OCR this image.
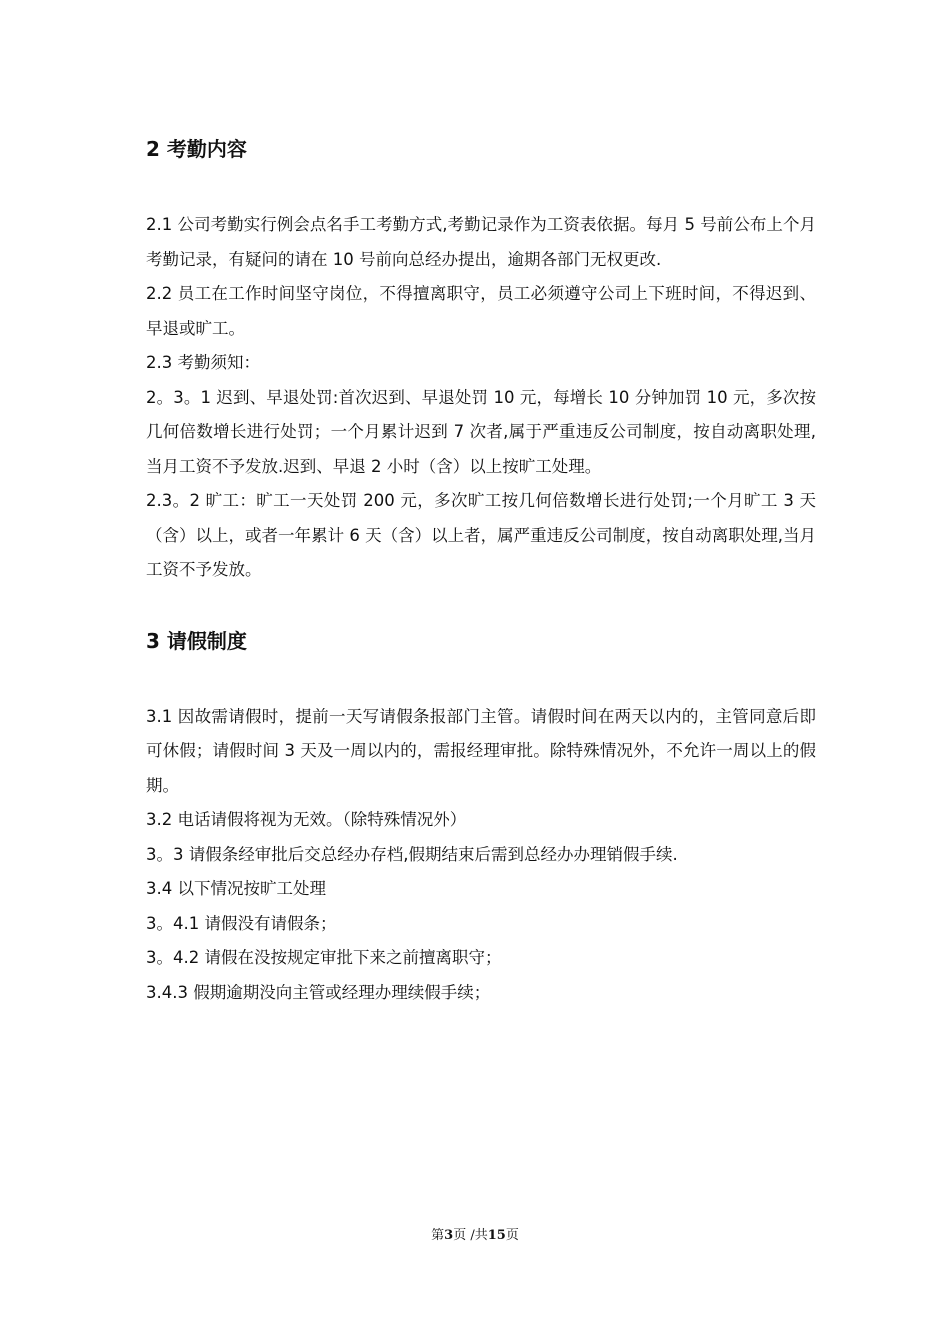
2 考勤内容

2.1 公司考勤实行例会点名手工考勤方式,考勤记录作为工资表依据。每月 5 号前公布上个月考勤记录，有疑问的请在 10 号前向总经办提出，逾期各部门无权更改.

2.2 员工在工作时间坚守岗位，不得擅离职守，员工必须遵守公司上下班时间，不得迟到、早退或旷工。

2.3 考勤须知：

2。3。1 迟到、早退处罚:首次迟到、早退处罚 10 元，每增长 10 分钟加罚 10 元，多次按几何倍数增长进行处罚；一个月累计迟到 7 次者,属于严重违反公司制度，按自动离职处理,当月工资不予发放.迟到、早退 2 小时（含）以上按旷工处理。

2.3。2 旷工：旷工一天处罚 200 元，多次旷工按几何倍数增长进行处罚;一个月旷工 3 天（含）以上，或者一年累计 6 天（含）以上者，属严重违反公司制度，按自动离职处理,当月工资不予发放。

3 请假制度

3.1 因故需请假时，提前一天写请假条报部门主管。请假时间在两天以内的，主管同意后即可休假；请假时间 3 天及一周以内的，需报经理审批。除特殊情况外，不允许一周以上的假期。

3.2 电话请假将视为无效。（除特殊情况外）

3。3 请假条经审批后交总经办存档,假期结束后需到总经办办理销假手续.

3.4 以下情况按旷工处理

3。4.1 请假没有请假条；

3。4.2 请假在没按规定审批下来之前擅离职守；

3.4.3 假期逾期没向主管或经理办理续假手续；

第3页 /共15页
